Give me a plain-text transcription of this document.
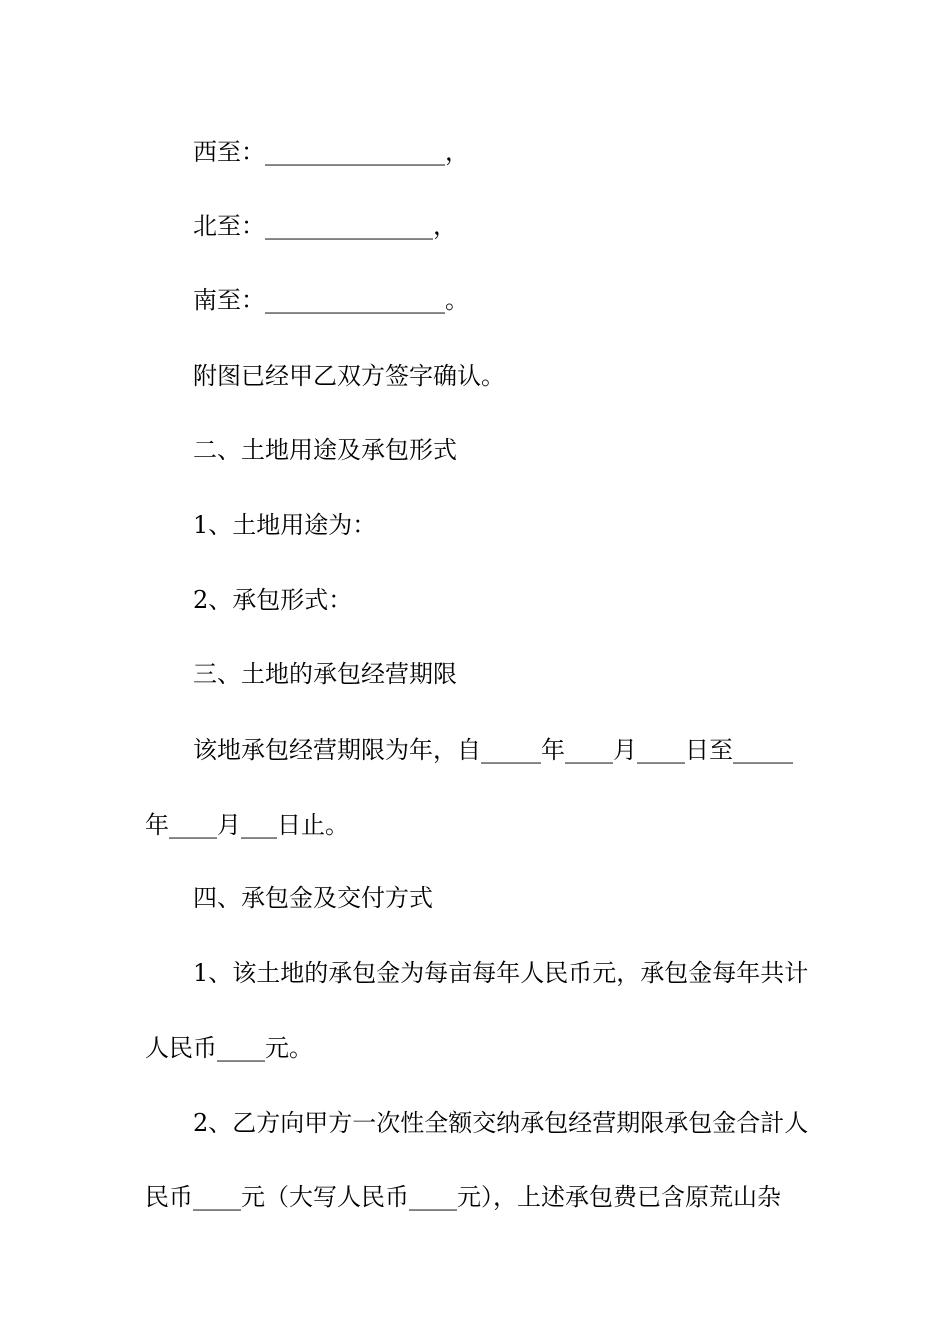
西至：_______________，
北至：______________，
南至：_______________。
附图已经甲乙双方签字确认。
二、土地用途及承包形式
1、土地用途为：
2、承包形式：
三、土地的承包经营期限
该地承包经营期限为年，自_____年____月____日至_____
年____月___日止。
四、承包金及交付方式
1、该土地的承包金为每亩每年人民币元，承包金每年共计
人民币____元。
2、乙方向甲方一次性全额交纳承包经营期限承包金合計人
民币____元（大写人民币____元），上述承包费已含原荒山杂
